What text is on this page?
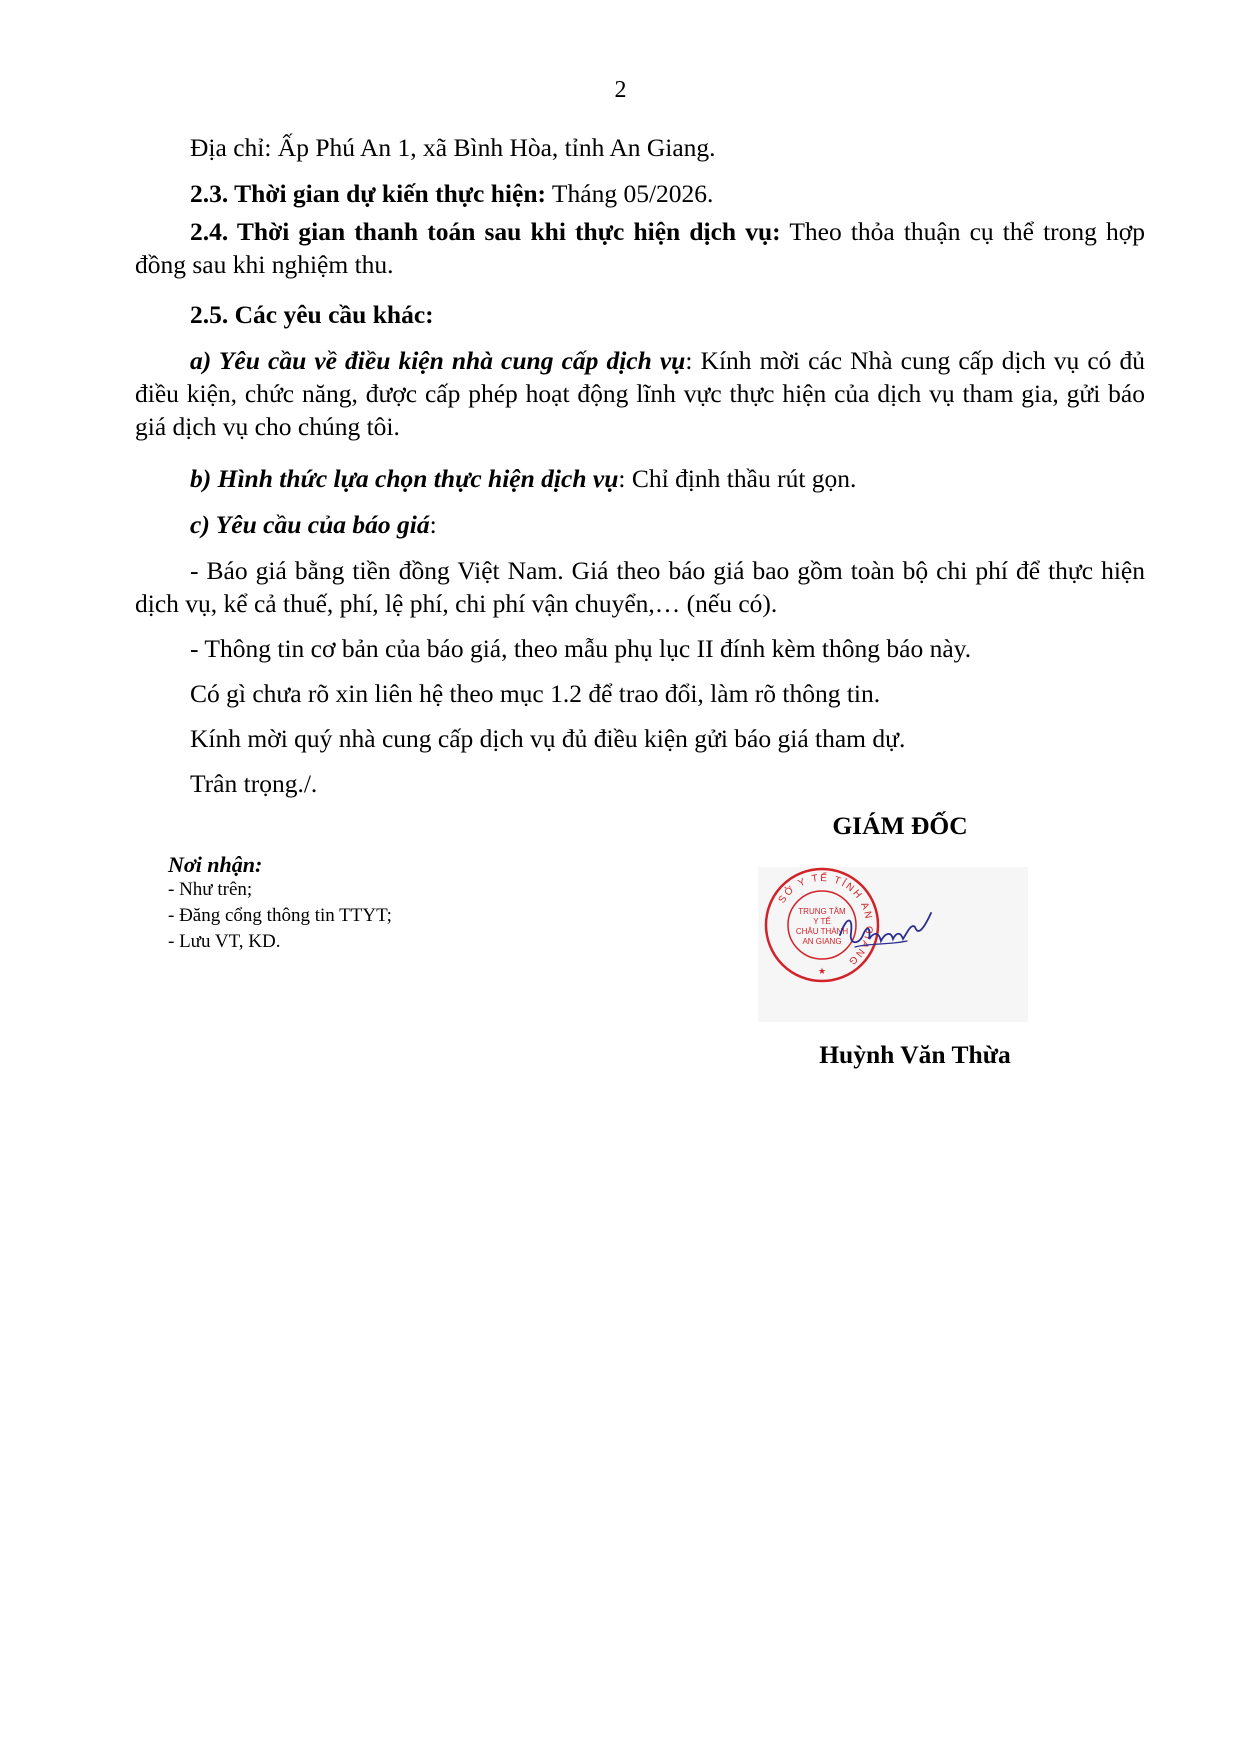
2

Địa chỉ: Ấp Phú An 1, xã Bình Hòa, tỉnh An Giang.

2.3. Thời gian dự kiến thực hiện: Tháng 05/2026.

2.4. Thời gian thanh toán sau khi thực hiện dịch vụ: Theo thỏa thuận cụ thể trong hợp đồng sau khi nghiệm thu.

2.5. Các yêu cầu khác:

a) Yêu cầu về điều kiện nhà cung cấp dịch vụ: Kính mời các Nhà cung cấp dịch vụ có đủ điều kiện, chức năng, được cấp phép hoạt động lĩnh vực thực hiện của dịch vụ tham gia, gửi báo giá dịch vụ cho chúng tôi.

b) Hình thức lựa chọn thực hiện dịch vụ: Chỉ định thầu rút gọn.

c) Yêu cầu của báo giá:

- Báo giá bằng tiền đồng Việt Nam. Giá theo báo giá bao gồm toàn bộ chi phí để thực hiện dịch vụ, kể cả thuế, phí, lệ phí, chi phí vận chuyển,… (nếu có).

- Thông tin cơ bản của báo giá, theo mẫu phụ lục II đính kèm thông báo này.

Có gì chưa rõ xin liên hệ theo mục 1.2 để trao đổi, làm rõ thông tin.

Kính mời quý nhà cung cấp dịch vụ đủ điều kiện gửi báo giá tham dự.

Trân trọng./.

GIÁM ĐỐC
Nơi nhận:
- Như trên;
- Đăng cổng thông tin TTYT;
- Lưu VT, KD.
SỞ Y TẾ TỈNH AN GIANG
TRUNG TÂM
Y TẾ
CHÂU THÀNH
AN GIANG
★
Huỳnh Văn Thừa
